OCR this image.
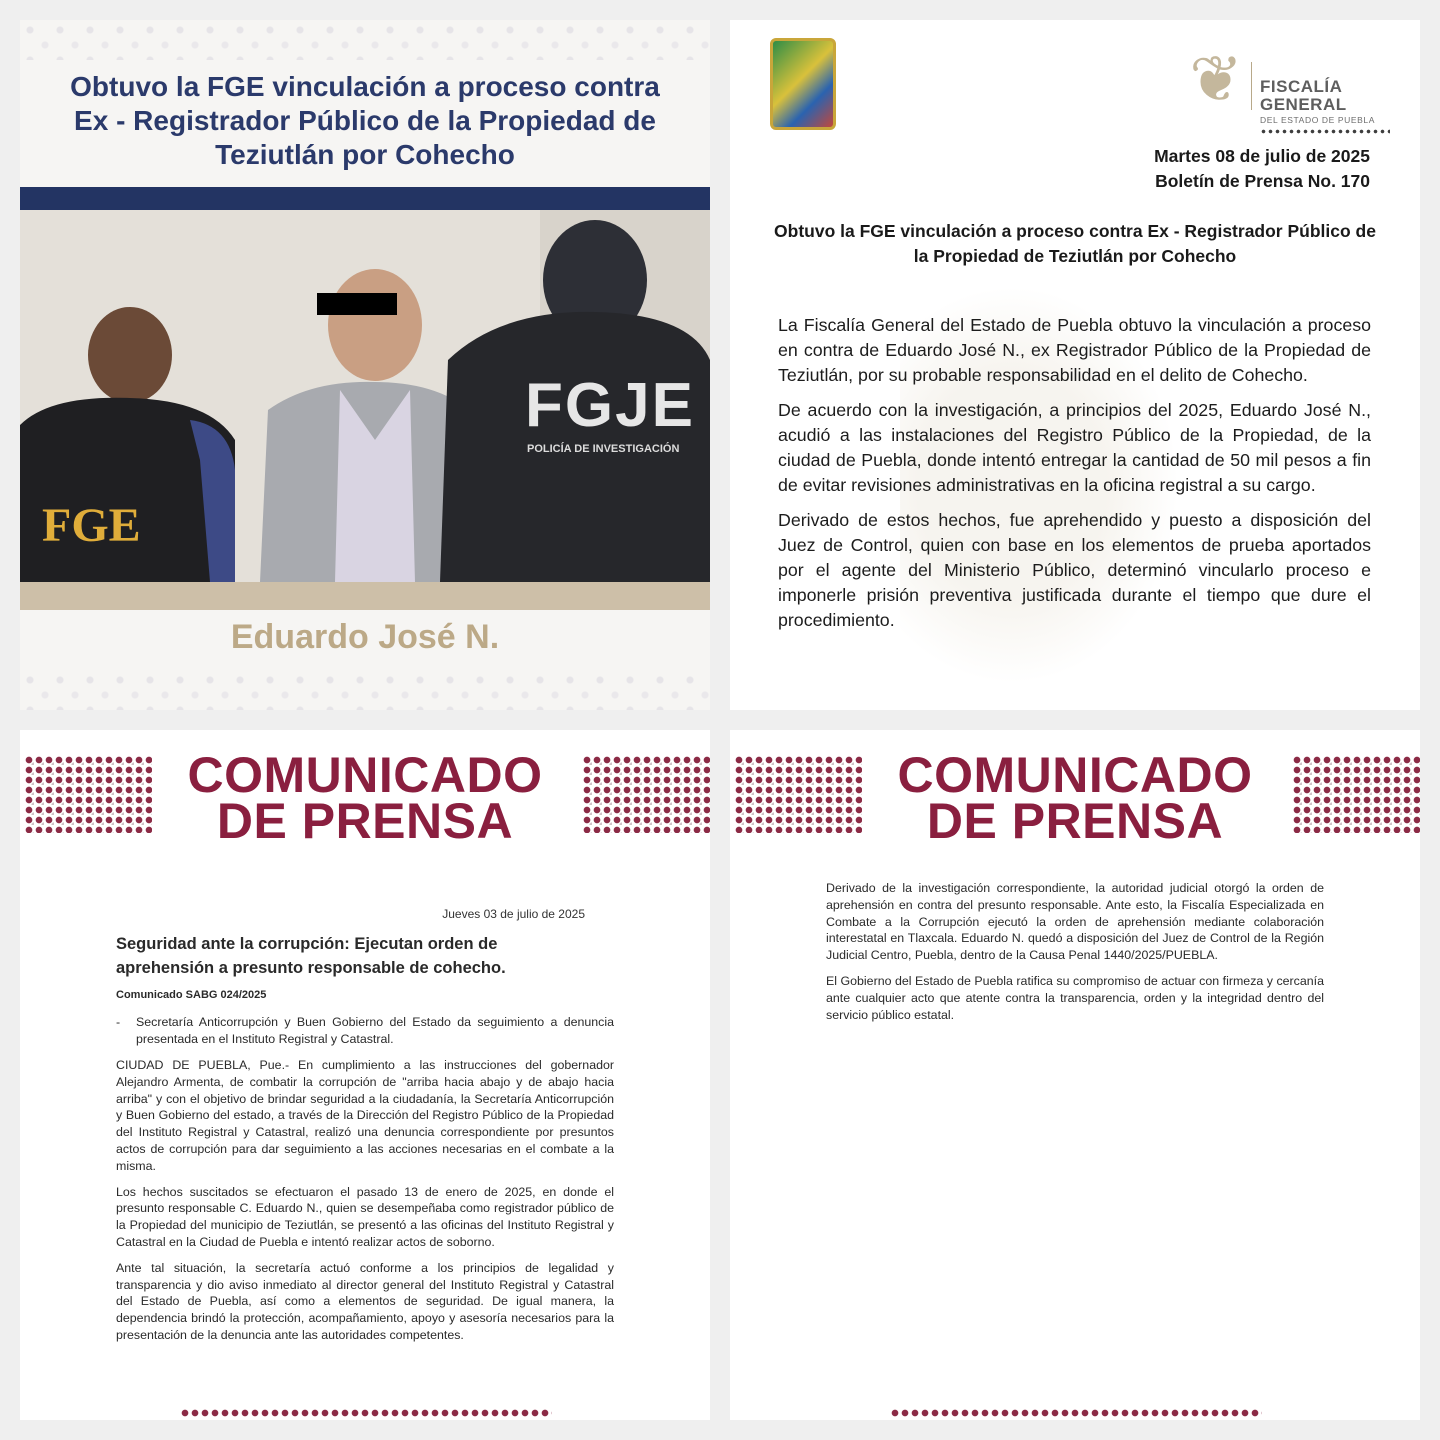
Obtuvo la FGE vinculación a proceso contra Ex - Registrador Público de la Propiedad de Teziutlán por Cohecho
FGE
FGJE
POLICÍA DE INVESTIGACIÓN
Eduardo José N.
❦ FISCALÍA
GENERAL
DEL ESTADO DE PUEBLA
Martes 08 de julio de 2025
Boletín de Prensa No. 170
Obtuvo la FGE vinculación a proceso contra Ex - Registrador Público de la Propiedad de Teziutlán por Cohecho

La Fiscalía General del Estado de Puebla obtuvo la vinculación a proceso en contra de Eduardo José N., ex Registrador Público de la Propiedad de Teziutlán, por su probable responsabilidad en el delito de Cohecho.

De acuerdo con la investigación, a principios del 2025, Eduardo José N., acudió a las instalaciones del Registro Público de la Propiedad, de la ciudad de Puebla, donde intentó entregar la cantidad de 50 mil pesos a fin de evitar revisiones administrativas en la oficina registral a su cargo.

Derivado de estos hechos, fue aprehendido y puesto a disposición del Juez de Control, quien con base en los elementos de prueba aportados por el agente del Ministerio Público, determinó vincularlo proceso e imponerle prisión preventiva justificada durante el tiempo que dure el procedimiento.

COMUNICADO
DE PRENSA
Jueves 03 de julio de 2025
Seguridad ante la corrupción: Ejecutan orden de aprehensión a presunto responsable de cohecho.
Comunicado SABG 024/2025
- Secretaría Anticorrupción y Buen Gobierno del Estado da seguimiento a denuncia presentada en el Instituto Registral y Catastral.

CIUDAD DE PUEBLA, Pue.- En cumplimiento a las instrucciones del gobernador Alejandro Armenta, de combatir la corrupción de "arriba hacia abajo y de abajo hacia arriba" y con el objetivo de brindar seguridad a la ciudadanía, la Secretaría Anticorrupción y Buen Gobierno del estado, a través de la Dirección del Registro Público de la Propiedad del Instituto Registral y Catastral, realizó una denuncia correspondiente por presuntos actos de corrupción para dar seguimiento a las acciones necesarias en el combate a la misma.

Los hechos suscitados se efectuaron el pasado 13 de enero de 2025, en donde el presunto responsable C. Eduardo N., quien se desempeñaba como registrador público de la Propiedad del municipio de Teziutlán, se presentó a las oficinas del Instituto Registral y Catastral en la Ciudad de Puebla e intentó realizar actos de soborno.

Ante tal situación, la secretaría actuó conforme a los principios de legalidad y transparencia y dio aviso inmediato al director general del Instituto Registral y Catastral del Estado de Puebla, así como a elementos de seguridad. De igual manera, la dependencia brindó la protección, acompañamiento, apoyo y asesoría necesarios para la presentación de la denuncia ante las autoridades competentes.

COMUNICADO
DE PRENSA

Derivado de la investigación correspondiente, la autoridad judicial otorgó la orden de aprehensión en contra del presunto responsable. Ante esto, la Fiscalía Especializada en Combate a la Corrupción ejecutó la orden de aprehensión mediante colaboración interestatal en Tlaxcala. Eduardo N. quedó a disposición del Juez de Control de la Región Judicial Centro, Puebla, dentro de la Causa Penal 1440/2025/PUEBLA.

El Gobierno del Estado de Puebla ratifica su compromiso de actuar con firmeza y cercanía ante cualquier acto que atente contra la transparencia, orden y la integridad dentro del servicio público estatal.
